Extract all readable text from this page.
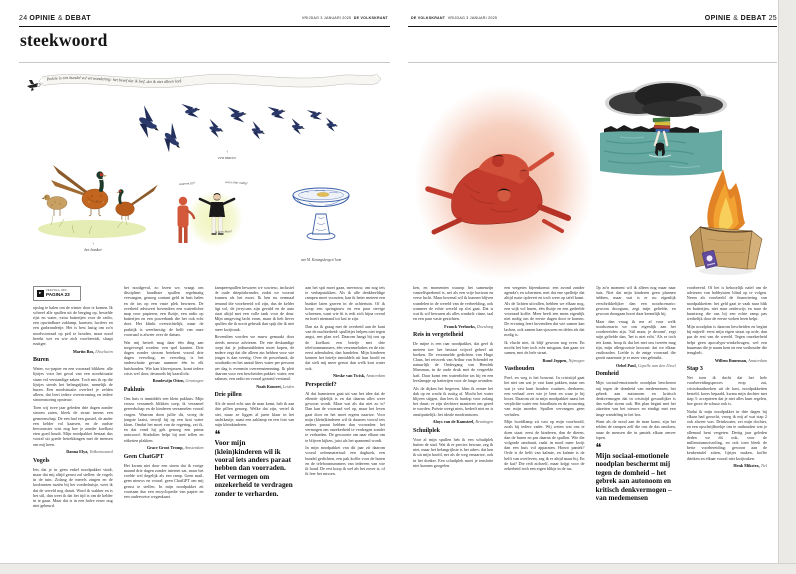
24 OPINIE & DEBAT	VRIJDAG 3 JANUARI 2025 DE VOLKSKRANT
steekwoord
Poëzie is een bundel vol verwondering: het besef dat ik leef, dat ik niet alleen leef.
↑
een macro
↑
het banket
waarom jij?!	wat is hier nodig!
ik ben chaos!
van M. Koningsbergen' kom
▸	VERVOLG VAN
PAGINA 23

opslag te halen om de winter door te komen. Ik schreef alle spullen uit de berging op, bestelde rijst en water, extra batterijen voor de radio, een opwindbare zaklamp, kaarsen, lucifers en een gasbrandertje. Het is best lastig om zo'n noodvoorraad op peil te houden, maar nood breekt wet en wie zich voorbereidt, slaapt rustiger.

Martin Bos, IJsselstein

Buren

Water, wc-papier en een voorraad blikken: alle lijstjes voor het geval van een noodsituatie staan vol verstandige zaken. Toch mis ik op die lijstjes steeds het belangrijkste, namelijk de buren. Een noodsituatie overleef je zelden alleen, dat leert iedere overstroming en iedere stroomstoring opnieuw.

Toen wij twee jaar geleden drie dagen zonder stroom zaten, bleek de straat ineens een gemeenschap. De een had een gasstel, de ander een kelder vol kaarsen, en de oudste bewoonster wist nog hoe je zonder koelkast eten goed houdt. Mijn noodpakket bestaat dus vooral uit goede betrekkingen met de mensen om mij heen.

Danna Elya, Valkenswaard

Vogels

Iets dat je in geen enkel noodpakket vindt, maar dat mij altijd gerust zal stellen: de vogels in de tuin. Zolang de merels zingen en de koolmezen ruziën bij het voederhuisje, weet ik dat de wereld nog draait. Word ik wakker en is het stil, dan weet ik dat het tijd is om de kelder in te gaan. Maar dat is in een halve eeuw nog niet gebeurd.

het noodgeval, zo lezen we, vraagt om discipline: houdbare spullen regelmatig vervangen, genoeg contant geld in huis halen en de tas op een vaste plek bewaren. De overheid adviseert bovendien een waterdichte map voor papieren, een fluitje, een radio op batterijen en een powerbank die het ook echt doet. Het klinkt overzichtelijk, maar de praktijk is weerbarstig: de helft van onze voorraad is alweer over de datum.

Wat mij betreft mag daar één ding aan toegevoegd worden: een spel kaarten. Drie dagen zonder stroom betekent vooral drie dagen verveling, en verveling is het onderschatte gevaar nummer één in elk huishouden. Wie kan klaverjassen, komt iedere crisis wel door, desnoods bij kaarslicht.

Boudewijn Otten, Groningen

Pakhuis

Ons huis is inmiddels een klein pakhuis. Mijn vrouw verzamelt blikken soep, ik verzamel gereedschap en de kinderen verzamelen vooral vragen. Waarom doen jullie dit, vroeg de jongste laatst, terwijl hij op een krat water klom. Omdat het moet van de regering, zei ik, en dat vond hij gek genoeg een prima antwoord. Sindsdien helpt hij met tellen en etiketten plakken.

Grace Groot Tromp, Amsterdam

Geen ChatGPT

Het kwam niet door een storm dat ik vorige maand drie dagen zonder internet zat, maar het voelde wel degelijk als een ramp. Geen mail, geen nieuws en vooral: geen ChatGPT om mij gerust te stellen. In mijn noodpakket zit voortaan dus een encyclopedie van papier en een ouderwetse wegenkaart.

kampeerspullen bewaren we sowieso, inclusief de oude driepitsbrander, zodat we vooruit kunnen als het moet. Ik ben nu eenmaal iemand die voorbereid wil zijn, dus de kelder ligt vol, de jerrycans zijn gevuld en de auto staat altijd met een volle tank voor de deur. Mijn omgeving lacht erom, maar ik heb liever spullen die ik nooit gebruik dan spijt die ik niet meer kwijtraak.

Bovendien worden we murw gemaakt door steeds nieuwe adviezen. De ene deskundige roept dat je jodiumtabletten moet kopen, de andere zegt dat die alleen zin hebben voor wie jonger is dan veertig. Over de powerbank, de noodradio en het aantal liters water per persoon per dag is evenmin overeenstemming. Ik pleit daarom voor een bescheiden pakket: water, een zakmes, een radio en vooral gezond verstand.

Noah Komeet, Leiden

Drie pillen

Als de nood echt aan de man komt, heb ik aan drie pillen genoeg. Welke dat zijn, vertel ik niet, maar ze liggen al jaren klaar in het nachtkastje, naast een zaklamp en een foto van mijn kleinkinderen.

❝
Voor mijn (klein)kinderen wil ik vooral iets anders paraat hebben dan voorraden. Het vermogen om onzekerheid te verdragen zonder te verharden.

aan het spit moet gaan, mevrouw, om nog iets te verhapstukken. Als ik alle denkbeeldige rampen moet voorzien, kan ik beter meteen een bunker laten graven in de achtertuin. Of ik koop een springtouw en een paar stevige schoenen, want wie fit is redt zich bijna overal en hoeft niemand tot last te zijn.

Dan sta ik graag met de overheid aan de kant van de nuchterheid: spulletjes helpen niet tegen angst, een plan wel. Daarom hangt bij ons op de koelkast een briefje met drie telefoonnummers, één verzameladres en de zin: eerst ademhalen, dan handelen. Mijn kinderen kennen het briefje inmiddels uit hun hoofd en dat stelt mij meer gerust dan welk krat water ook.

Nieske van Twisk, Amsterdam

Perspectief?

Al dat hamsteren gaat uit van het idee dat de ellende tijdelijk is en dat daarna alles weer gewoon wordt. Maar wat als dat niet zo is? Dan kan de voorraad wel op, maar het leven gaat door en het moet ergens naartoe. Voor mijn (klein)kinderen wil ik daarom vooral iets anders paraat hebben dan voorraden: het vermogen om onzekerheid te verdragen zonder te verharden. De gewoonte om naar elkaar om te blijven kijken, juist als het spannend wordt.

In mijn noodpakket van dit jaar zit daarom vooral oefenmateriaal: een dagboek, een bundel gedichten, een pak koffie voor de buren en de telefoonnummers van iedereen van wie ik houd. De rest koop ik wel als het zover is, of ik leer het missen.

DE VOLKSKRANT VRIJDAG 3 JANUARI 2025	OPINIE & DEBAT 25

ken, en momenten waarop het samenzijn vanzelfsprekend is, net als een vrije horizon en verse lucht. Maar bovenal wil ik kunnen blijven wandelen in de wereld van de verbeelding, ook wanneer de echte wereld op slot gaat. Dat is wat ik wil bewaren als alles wankelt: ritme, taal en een paar vaste gezichten.

Franck Verhoeks, Doesburg

Reis in vergetelheid

De mijne is een raar noodpakket, dat geef ik meteen toe: het bestaat vrijwel geheel uit boeken. De verzamelde gedichten van Hugo Claus, het reiswerk van Arthur van Schendel en natuurlijk de Ondergang van Hendrik Marsman, in de oude druk met de vergeelde kaft. Daar komt een waterdichte tas bij en een leeslampje op batterijen voor de lange avonden.

Als de dijken het begeven, klim ik ermee het dak op en wacht ik rustig af. Mocht het water blijven stijgen, dan lees ik hardop voor zolang het duurt; er zijn slechtere manieren om gered te worden. Poëzie weegt niets, bederft niet en is onuitputtelijk: het ideale noodrantsoen.

Aloys van de Kamsteel, Beuningen

Schuilplek

Voor al mijn spullen heb ik een schuilplek buiten de stad. Wat ik er precies bewaar, zeg ik niet, maar het belangrijkste is het adres: dat ken ik uit mijn hoofd, net als de weg ernaartoe, ook in het donker. Een schuilplek moet je tenslotte niet kunnen googelen.

een vergeten bijeenkomst: een avond zonder agenda's en schermen, met dat ene spelletje dat altijd ruzie oplevert en toch weer op tafel komt. Als de lichten uitvallen, hebben we elkaar nog, een wijk vol buren, één fluitje en een gedeelde voorraad koffie. Meer heeft een mens eigenlijk niet nodig om de eerste dagen door te komen. De ervaring leert bovendien dat wie samen kan lachen, ook samen kan sjouwen en delen als dat nodig is.

Ik vlucht niet, ik blijf gewoon nog even. En mocht het hier toch echt misgaan, dan gaan we samen, met de hele straat.

Ruud Jeppen, Nijmegen

Vasthouden

Poef, en weg is het houvast. In crisistijd gaat het niet om wat je vast kunt pakken, maar om wat je vast kunt houden: routines, dierbaren, een verhaal over wie je bent en waar je bij hoort. Daarom zit in mijn noodpakket naast het verplichte water een fotoalbum en de trouwring van mijn moeder. Spullen vervangen geen verhalen.

Mijn hoofdlamp zit vast op mijn voorhoofd, zoals bij iedere vader. Wij weten wat ons te doen staat: eerst de kinderen, dan de dieren, dan de buren en pas daarna de spullen. Wie die volgorde omdraait, raakt in nood meer kwijt dan een huis vol apparaten. Hoezo paniek? Orde is de helft van kalmte, en kalmte is de helft van overleven, zeg ik er altijd maar bij. En de kat? Die redt zichzelf, maar krijgt voor de zekerheid toch een eigen blikje in de tas.

Op zo'n moment wil ik alleen nog maar naar huis. Niet dat mijn kinderen geen plannen hebben, maar wat is er nu eigenlijk verschrikkelijker dan een noodscenario: gewoon doorgaan, zegt mijn geliefde, en gewoon doorgaan hoort daar kennelijk bij.

Maar dan vraag ik me af voor welk noodscenario we ons eigenlijk aan het voorbereiden zijn. 'Stil maar, je droomt', zegt mijn geliefde dan, 'het is niet echt.' Als er toch iets komt, hoop ik dat het met ons tweeën mag zijn, mijn allergrootste houvast: dat we elkaar vasthouden. Liefde is de enige voorraad die groeit naarmate je er meer van gebruikt.

Oebel Paul, Capelle aan den IJssel

Domheid

Mijn sociaal-emotionele noodplan beschermt mij tegen de domheid van medemensen, het gebrek aan autonoom en kritisch denkvermogen dat in crisistijd gevaarlijker is dan welke storm ook. Het plan begint met het uitzetten van het nieuws en eindigt met een lange wandeling in het bos.

Want als de nood aan de man komt, zijn het zelden de rampen zelf die ons de das omdoen, maar de mensen die in paniek elkaar omver lopen.

❝
Mijn sociaal-emotionele noodplan beschermt mij tegen de domheid – het gebrek aan autonoom en kritisch denkvermogen – van medemensen

voorbereid. Of het is behoorlijk naïef om de adviezen van hobbyisten blind op te volgen. Neem als voorbeeld de financiering van noodpakketten: het geld gaat te vaak naar blik en batterijen, niet naar onderwijs en naar de buurtzorg die ons bij een echte ramp pas werkelijk door de eerste weken heen helpt.

Mijn noodplan is daarom bescheiden en begint bij mijzelf: eerst mijn eigen straat op orde, dan pas de rest van de wereld. Tegen onzekerheid helpt geen apocalyps-winkelwagen, wel een buurman die je naam kent en een wethouder die terugbelt.

Willem Buurman, Amsterdam

Stap 3

Net toen ik dacht dat het hele voorbereidingsproces erop zat, crisisdraaiboeken uit de kast, noodpakketten besteld, koers bepaald, kwam mijn dochter met stap 3: accepteren dat je niet alles kunt regelen, hoe groot de schuur ook is.

Nadat ik mijn noodpakket in drie dagen bij elkaar had gezocht, vroeg ik mij af wat stap 2 ook alweer was. Drinkwater, zei mijn dochter, en een opschrijfboekje om te onthouden wat je allemaal bent vergeten. Dertig jaar geleden deden we dit ook, voor de millenniumwisseling, en ook toen bleek de beste voorbereiding: gewoon aan de keukentafel zitten, lijstjes maken, koffie drinken en elkaar vooral niet kwijtraken.

Henk Mikstra, Tiel
